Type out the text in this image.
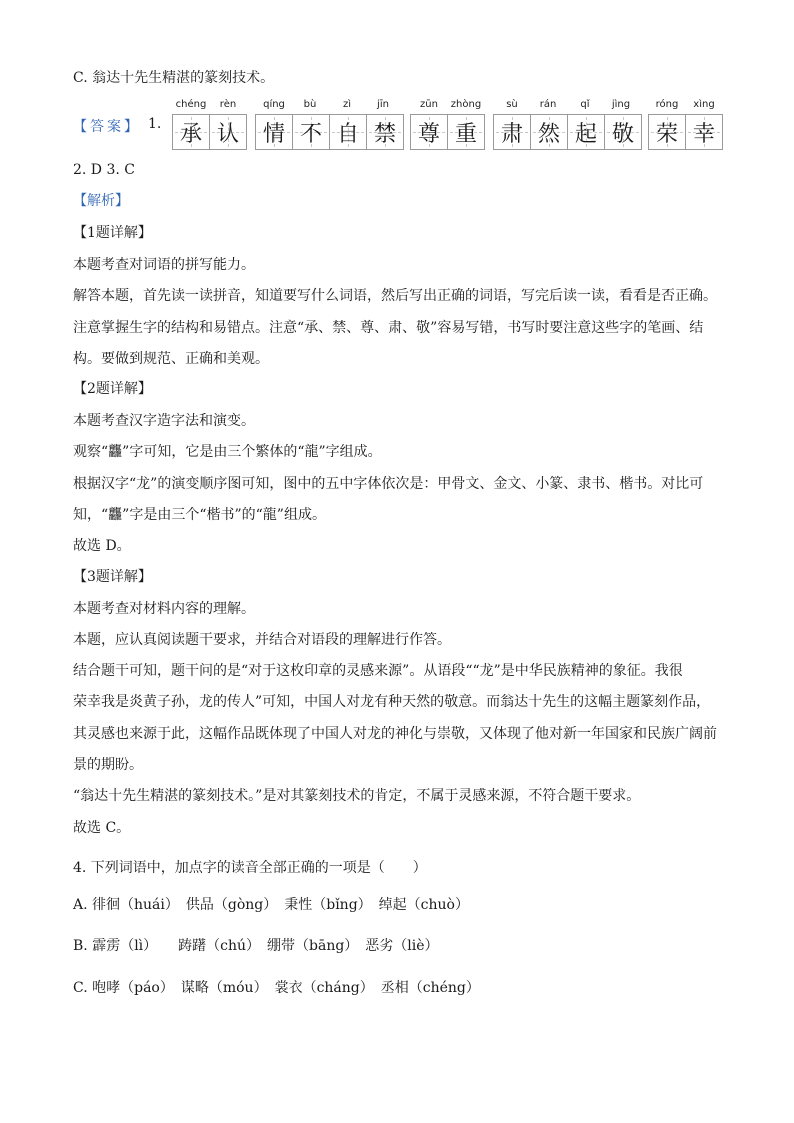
C. 翁达十先生精湛的篆刻技术。
【答案】 1.
chéng	rèn	qíng	bù	zì	jīn	zūn	zhòng	sù	rán	qǐ	jìng	róng	xìng
承 认 情 不 自 禁 尊 重 肃 然 起 敬 荣 幸
2. D 3. C
【解析】
【1题详解】
本题考查对词语的拼写能力。
解答本题，首先读一读拼音，知道要写什么词语，然后写出正确的词语，写完后读一读，看看是否正确。
注意掌握生字的结构和易错点。注意“承、禁、尊、肃、敬”容易写错，书写时要注意这些字的笔画、结
构。要做到规范、正确和美观。
【2题详解】
本题考查汉字造字法和演变。
观察“龘”字可知，它是由三个繁体的“龍”字组成。
根据汉字“龙”的演变顺序图可知，图中的五中字体依次是：甲骨文、金文、小篆、隶书、楷书。对比可
知，“龘”字是由三个“楷书”的“龍”组成。
故选 D。
【3题详解】
本题考查对材料内容的理解。
本题，应认真阅读题干要求，并结合对语段的理解进行作答。
结合题干可知，题干问的是“对于这枚印章的灵感来源”。从语段““龙”是中华民族精神的象征。我很
荣幸我是炎黄子孙，龙的传人”可知，中国人对龙有种天然的敬意。而翁达十先生的这幅主题篆刻作品，
其灵感也来源于此，这幅作品既体现了中国人对龙的神化与崇敬，又体现了他对新一年国家和民族广阔前
景的期盼。
“翁达十先生精湛的篆刻技术。”是对其篆刻技术的肯定，不属于灵感来源，不符合题干要求。
故选 C。
4. 下列词语中，加点字的读音全部正确的一项是（　　）
A. 徘徊（huái）　供品（gòng）　秉性（bǐng）　绰起（chuò）
B. 霹雳（lì）　　踌躇（chú）　绷带（bāng）　恶劣（liè）
C. 咆哮（páo）　谋略（móu）　裳衣（cháng）　丞相（chéng）
